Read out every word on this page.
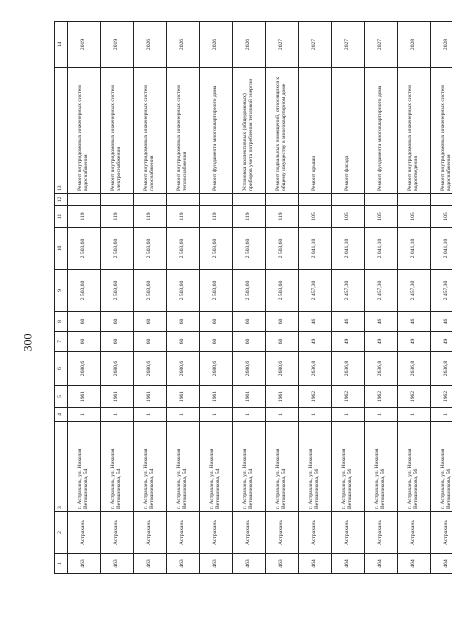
300
1	2	3	4	5	6	7	8	9	10	11	12	13	14
463	Астрахань	г. Астрахань, ул. Николая Ветошникова, 54	1	1961	2680,6	60	60	2 503,60	2 503,60	119		Ремонт внутридомовых инженерных систем водоснабжения	2019
463	Астрахань	г. Астрахань, ул. Николая Ветошникова, 54	1	1961	2680,6	60	60	2 503,60	2 503,60	119		Ремонт внутридомовых инженерных систем электроснабжения	2019
463	Астрахань	г. Астрахань, ул. Николая Ветошникова, 54	1	1961	2680,6	60	60	2 503,60	2 503,60	119		Ремонт внутридомовых инженерных систем газоснабжения	2026
463	Астрахань	г. Астрахань, ул. Николая Ветошникова, 54	1	1961	2680,6	60	60	2 503,60	2 503,60	119		Ремонт внутридомовых инженерных систем теплоснабжения	2026
463	Астрахань	г. Астрахань, ул. Николая Ветошникова, 54	1	1961	2680,6	60	60	2 503,60	2 503,60	119		Ремонт фундамента многоквартирного дома	2026
463	Астрахань	г. Астрахань, ул. Николая Ветошникова, 54	1	1961	2680,6	60	60	2 503,60	2 503,60	119		Установка коллективных (общедомовых) приборов учета потребления тепловой энергии	2026
463	Астрахань	г. Астрахань, ул. Николая Ветошникова, 54	1	1961	2680,6	60	60	2 503,60	2 503,60	119		Ремонт подвальных помещений, относящихся к общему имуществу в многоквартирном доме	2027
464	Астрахань	г. Астрахань, ул. Николая Ветошникова, 56	1	1962	2636,8	49	46	2 457,30	2 041,10	105		Ремонт крыши	2027
464	Астрахань	г. Астрахань, ул. Николая Ветошникова, 56	1	1962	2636,8	49	46	2 457,30	2 041,10	105		Ремонт фасада	2027
464	Астрахань	г. Астрахань, ул. Николая Ветошникова, 56	1	1962	2636,8	49	46	2 457,30	2 041,10	105		Ремонт фундамента многоквартирного дома	2027
464	Астрахань	г. Астрахань, ул. Николая Ветошникова, 56	1	1962	2636,8	49	46	2 457,30	2 041,10	105		Ремонт внутридомовых инженерных систем водоотведения	2028
464	Астрахань	г. Астрахань, ул. Николая Ветошникова, 56	1	1962	2636,8	49	46	2 457,30	2 041,10	105		Ремонт внутридомовых инженерных систем водоснабжения	2028
